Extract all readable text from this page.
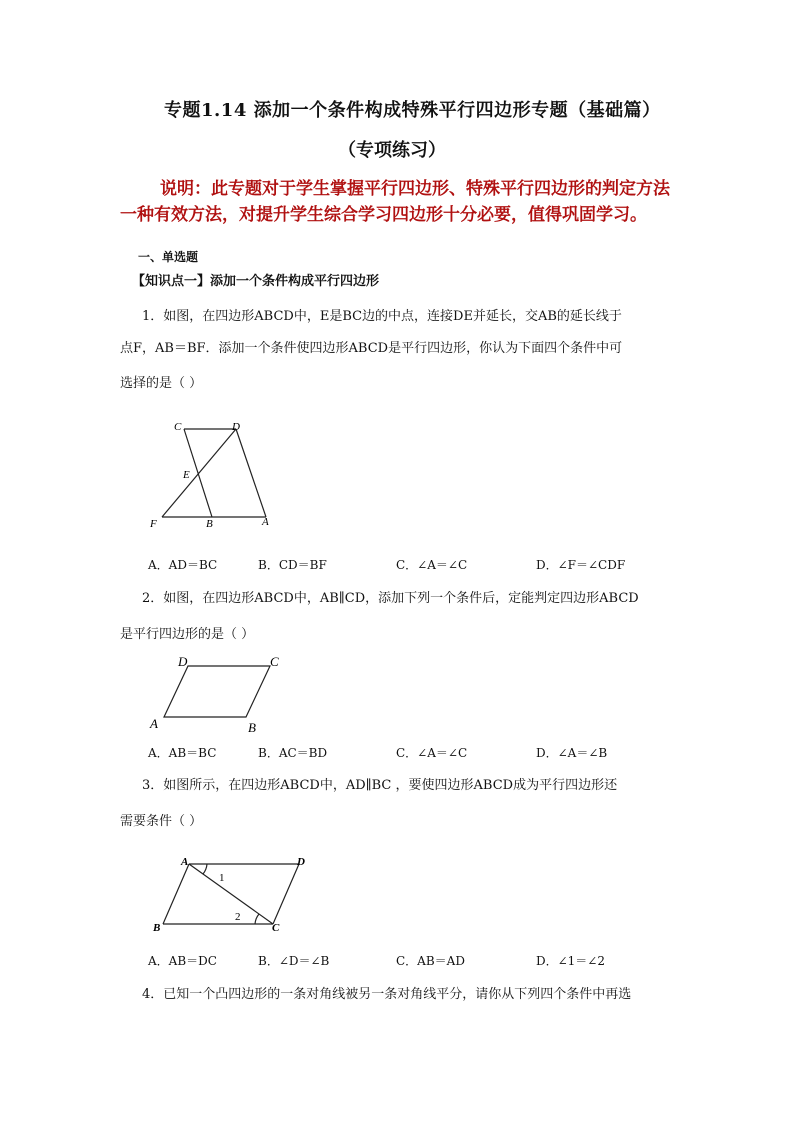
专题1.14 添加一个条件构成特殊平行四边形专题（基础篇）
（专项练习）
说明：此专题对于学生掌握平行四边形、特殊平行四边形的判定方法一种有效方法，对提升学生综合学习四边形十分必要，值得巩固学习。
一、单选题
【知识点一】添加一个条件构成平行四边形
1．如图，在四边形ABCD中，E是BC边的中点，连接DE并延长，交AB的延长线于
点F，AB＝BF．添加一个条件使四边形ABCD是平行四边形，你认为下面四个条件中可
选择的是（ ）
C	D
E
F	B	A
A．AD＝BC	B．CD＝BF	C．∠A＝∠C	D．∠F＝∠CDF
2．如图，在四边形ABCD中，AB∥CD，添加下列一个条件后，定能判定四边形ABCD
是平行四边形的是（ ）
D	C
A	B
A．AB＝BC	B．AC＝BD	C．∠A＝∠C	D．∠A＝∠B
3．如图所示，在四边形ABCD中，AD∥BC ，要使四边形ABCD成为平行四边形还
需要条件（ ）
A	D
B	C
1
2
A．AB＝DC	B．∠D＝∠B	C．AB＝AD	D．∠1＝∠2
4．已知一个凸四边形的一条对角线被另一条对角线平分，请你从下列四个条件中再选
